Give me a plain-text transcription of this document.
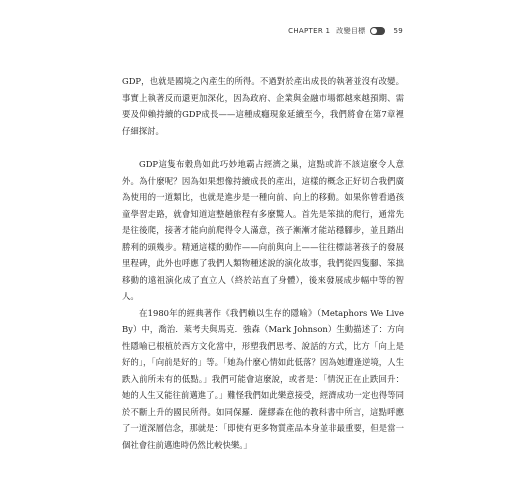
CHAPTER 1 改變目標	59

GDP，也就是國境之內產生的所得。不過對於產出成長的執著並沒有改變。事實上執著反而還更加深化，因為政府、企業與金融市場都越來越預期、需要及仰賴持續的GDP成長——這種成癮現象延續至今，我們將會在第7章裡仔細探討。

GDP這隻布穀鳥如此巧妙地霸占經濟之巢，這點或許不該這麼令人意外。為什麼呢？因為如果想像持續成長的產出，這樣的概念正好切合我們廣為使用的一道類比，也就是進步是一種向前、向上的移動。如果你曾看過孩童學習走路，就會知道這整趟旅程有多麼驚人。首先是笨拙的爬行，通常先是往後爬，接著才能向前爬得令人滿意，孩子漸漸才能站穩腳步，並且踏出勝利的頭幾步。精通這樣的動作——向前與向上——往往標誌著孩子的發展里程碑，此外也呼應了我們人類物種述說的演化故事，我們從四隻腳、笨拙移動的遠祖演化成了直立人（終於站直了身體），後來發展成步幅中等的智人。

在1980年的經典著作《我們賴以生存的隱喻》（Metaphors We Live By）中，喬治．萊考夫與馬克．強森（Mark Johnson）生動描述了：方向性隱喻已根植於西方文化當中，形塑我們思考、說話的方式，比方「向上是好的」，「向前是好的」等。「她為什麼心情如此低落？因為她遭逢逆境，人生跌入前所未有的低點。」我們可能會這麼說，或者是：「情況正在止跌回升：她的人生又能往前邁進了。」難怪我們如此樂意接受，經濟成功一定也得等同於不斷上升的國民所得。如同保羅．薩繆森在他的教科書中所言，這點呼應了一道深層信念，那就是：「即使有更多物質產品本身並非最重要，但是當一個社會往前邁進時仍然比較快樂。」
